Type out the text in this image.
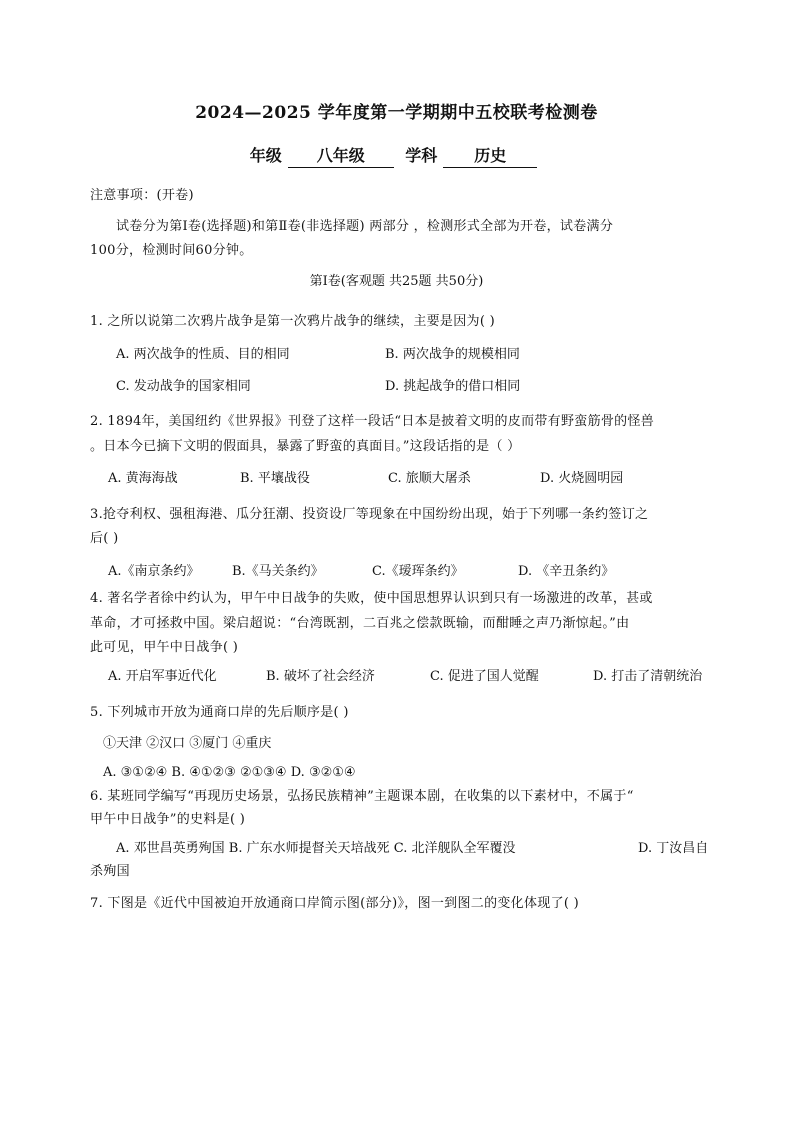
2024—2025 学年度第一学期期中五校联考检测卷
年级 八年级	学科 历史
注意事项：(开卷)
试卷分为第Ⅰ卷(选择题)和第Ⅱ卷(非选择题) 两部分 ，检测形式全部为开卷，试卷满分
100分，检测时间60分钟。
第Ⅰ卷(客观题 共25题 共50分)
1. 之所以说第二次鸦片战争是第一次鸦片战争的继续，主要是因为( )
A. 两次战争的性质、目的相同	B. 两次战争的规模相同
C. 发动战争的国家相同	D. 挑起战争的借口相同
2. 1894年，美国纽约《世界报》刊登了这样一段话“日本是披着文明的皮而带有野蛮筋骨的怪兽
。日本今已摘下文明的假面具，暴露了野蛮的真面目。”这段话指的是（ ）
A. 黄海海战	B. 平壤战役	C. 旅顺大屠杀	D. 火烧圆明园
3.抢夺利权、强租海港、瓜分狂潮、投资设厂等现象在中国纷纷出现，始于下列哪一条约签订之
后( )
A.《南京条约》 B.《马关条约》	C.《瑷珲条约》	D. 《辛丑条约》
4. 著名学者徐中约认为，甲午中日战争的失败，使中国思想界认识到只有一场激进的改革，甚或
革命，才可拯救中国。梁启超说：“台湾既割，二百兆之偿款既输，而酣睡之声乃渐惊起。”由
此可见，甲午中日战争( )
A. 开启军事近代化	B. 破坏了社会经济	C. 促进了国人觉醒	D. 打击了清朝统治
5. 下列城市开放为通商口岸的先后顺序是( )
①天津 ②汉口 ③厦门 ④重庆
A. ③①②④ B. ④①②③ ②①③④ D. ③②①④
6. 某班同学编写“再现历史场景，弘扬民族精神”主题课本剧，在收集的以下素材中，不属于“
甲午中日战争”的史料是( )
A. 邓世昌英勇殉国 B. 广东水师提督关天培战死 C. 北洋舰队全军覆没	D. 丁汝昌自
杀殉国
7. 下图是《近代中国被迫开放通商口岸简示图(部分)》，图一到图二的变化体现了( )
